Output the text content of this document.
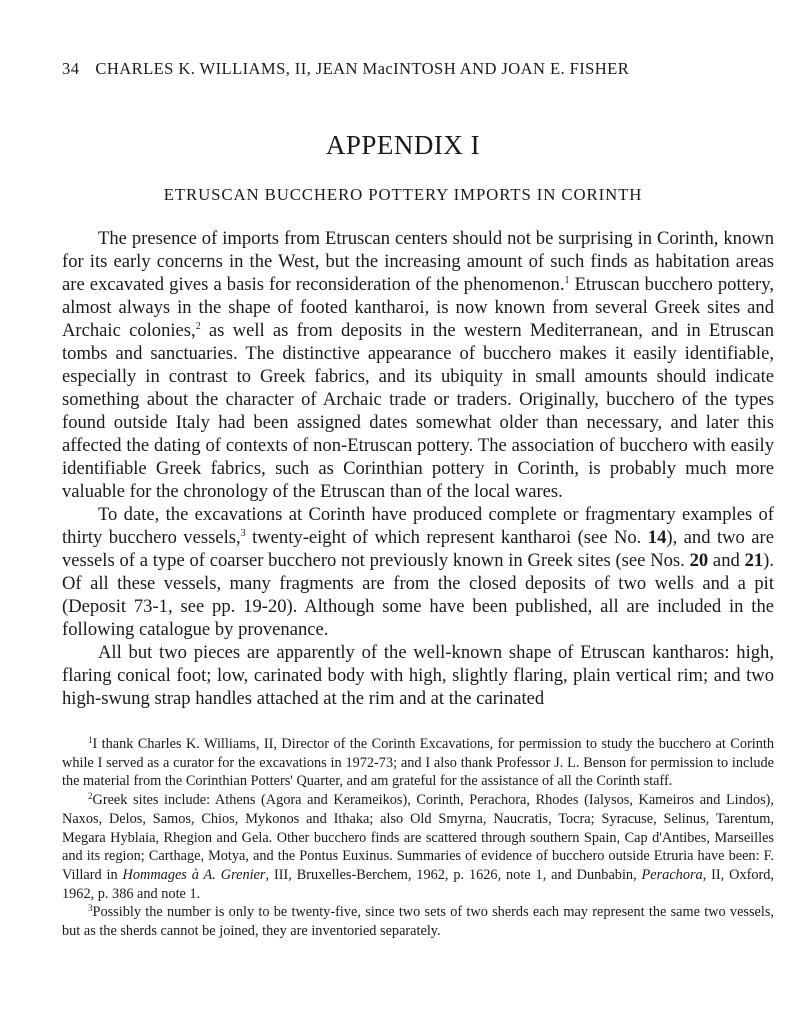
34 CHARLES K. WILLIAMS, II, JEAN MacINTOSH AND JOAN E. FISHER
APPENDIX I
ETRUSCAN BUCCHERO POTTERY IMPORTS IN CORINTH

The presence of imports from Etruscan centers should not be surprising in Corinth, known for its early concerns in the West, but the increasing amount of such finds as habitation areas are excavated gives a basis for reconsideration of the phenomenon.$^1$ Etruscan bucchero pottery, almost always in the shape of footed kantharoi, is now known from several Greek sites and Archaic colonies,$^2$ as well as from deposits in the western Mediterranean, and in Etruscan tombs and sanctuaries. The distinctive appearance of bucchero makes it easily identifiable, especially in contrast to Greek fabrics, and its ubiquity in small amounts should indicate something about the character of Archaic trade or traders. Originally, bucchero of the types found outside Italy had been assigned dates somewhat older than necessary, and later this affected the dating of contexts of non-Etruscan pottery. The association of bucchero with easily identifiable Greek fabrics, such as Corinthian pottery in Corinth, is probably much more valuable for the chronology of the Etruscan than of the local wares.

To date, the excavations at Corinth have produced complete or fragmentary examples of thirty bucchero vessels,$^3$ twenty-eight of which represent kantharoi (see No. 14), and two are vessels of a type of coarser bucchero not previously known in Greek sites (see Nos. 20 and 21). Of all these vessels, many fragments are from the closed deposits of two wells and a pit (Deposit 73-1, see pp. 19-20). Although some have been published, all are included in the following catalogue by provenance.

All but two pieces are apparently of the well-known shape of Etruscan kantharos: high, flaring conical foot; low, carinated body with high, slightly flaring, plain vertical rim; and two high-swung strap handles attached at the rim and at the carinated

$^1$I thank Charles K. Williams, II, Director of the Corinth Excavations, for permission to study the bucchero at Corinth while I served as a curator for the excavations in 1972-73; and I also thank Professor J. L. Benson for permission to include the material from the Corinthian Potters' Quarter, and am grateful for the assistance of all the Corinth staff.

$^2$Greek sites include: Athens (Agora and Kerameikos), Corinth, Perachora, Rhodes (Ialysos, Kameiros and Lindos), Naxos, Delos, Samos, Chios, Mykonos and Ithaka; also Old Smyrna, Naucratis, Tocra; Syracuse, Selinus, Tarentum, Megara Hyblaia, Rhegion and Gela. Other bucchero finds are scattered through southern Spain, Cap d'Antibes, Marseilles and its region; Carthage, Motya, and the Pontus Euxinus. Summaries of evidence of bucchero outside Etruria have been: F. Villard in Hommages à A. Grenier, III, Bruxelles-Berchem, 1962, p. 1626, note 1, and Dunbabin, Perachora, II, Oxford, 1962, p. 386 and note 1.

$^3$Possibly the number is only to be twenty-five, since two sets of two sherds each may represent the same two vessels, but as the sherds cannot be joined, they are inventoried separately.
